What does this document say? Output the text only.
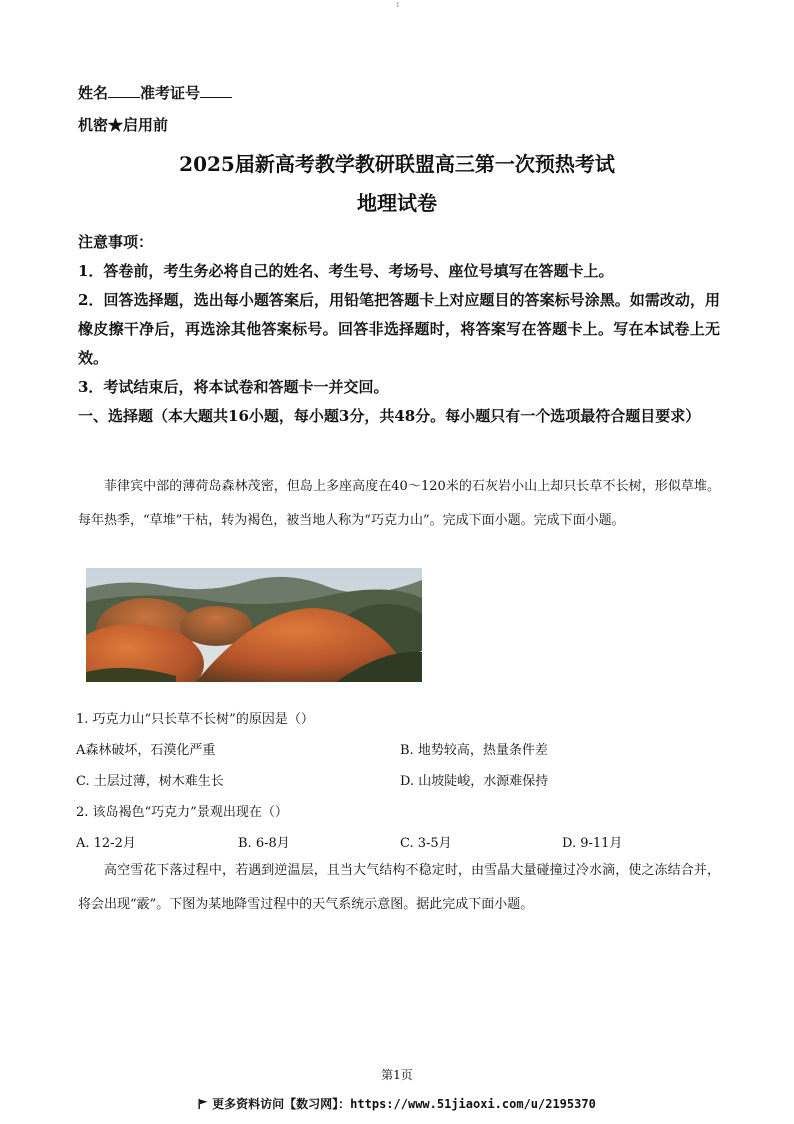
1
姓名 准考证号
机密★启用前
2025届新高考教学教研联盟高三第一次预热考试
地理试卷
注意事项：
1．答卷前，考生务必将自己的姓名、考生号、考场号、座位号填写在答题卡上。
2．回答选择题，选出每小题答案后，用铅笔把答题卡上对应题目的答案标号涂黑。如需改动，用橡皮擦干净后，再选涂其他答案标号。回答非选择题时，将答案写在答题卡上。写在本试卷上无效。
3．考试结束后，将本试卷和答题卡一并交回。
一、选择题（本大题共16小题，每小题3分，共48分。每小题只有一个选项最符合题目要求）
菲律宾中部的薄荷岛森林茂密，但岛上多座高度在40～120米的石灰岩小山上却只长草不长树，形似草堆。每年热季，“草堆”干枯，转为褐色，被当地人称为“巧克力山”。完成下面小题。完成下面小题。
1. 巧克力山“只长草不长树”的原因是（）
A森林破坏，石漠化严重	B. 地势较高，热量条件差
C. 土层过薄，树木难生长	D. 山坡陡峻，水源难保持
2. 该岛褐色“巧克力”景观出现在（）
A. 12-2月	B. 6-8月	C. 3-5月	D. 9-11月
高空雪花下落过程中，若遇到逆温层，且当大气结构不稳定时，由雪晶大量碰撞过冷水滴，使之冻结合并，将会出现“霰”。下图为某地降雪过程中的天气系统示意图。据此完成下面小题。
第1页
更多资料访问【数习网】：https://www.51jiaoxi.com/u/2195370
